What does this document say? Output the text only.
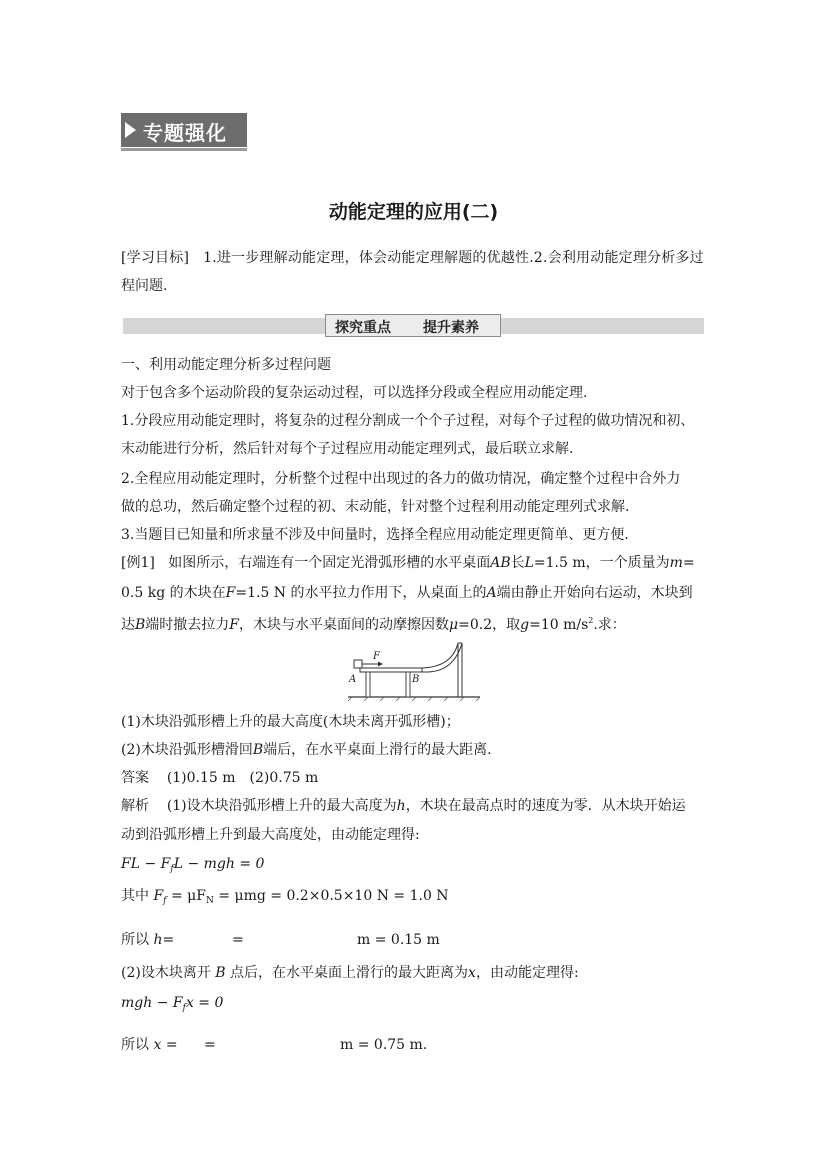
专题强化
动能定理的应用(二)
[学习目标] 1.进一步理解动能定理，体会动能定理解题的优越性.2.会利用动能定理分析多过
程问题.
探究重点 提升素养
一、利用动能定理分析多过程问题
对于包含多个运动阶段的复杂运动过程，可以选择分段或全程应用动能定理.
1.分段应用动能定理时，将复杂的过程分割成一个个子过程，对每个子过程的做功情况和初、
末动能进行分析，然后针对每个子过程应用动能定理列式，最后联立求解.
2.全程应用动能定理时，分析整个过程中出现过的各力的做功情况，确定整个过程中合外力
做的总功，然后确定整个过程的初、末动能，针对整个过程利用动能定理列式求解.
3.当题目已知量和所求量不涉及中间量时，选择全程应用动能定理更简单、更方便.
[例1] 如图所示，右端连有一个固定光滑弧形槽的水平桌面AB长L=1.5 m，一个质量为m=
0.5 kg 的木块在F=1.5 N 的水平拉力作用下，从桌面上的A端由静止开始向右运动，木块到
达B端时撤去拉力F，木块与水平桌面间的动摩擦因数μ=0.2，取g=10 $m/s^2$.求：
F
A	B
(1)木块沿弧形槽上升的最大高度(木块未离开弧形槽)；
(2)木块沿弧形槽滑回B端后，在水平桌面上滑行的最大距离.
答案 (1)0.15 m　(2)0.75 m
解析 (1)设木块沿弧形槽上升的最大高度为h，木块在最高点时的速度为零．从木块开始运
动到沿弧形槽上升到最大高度处，由动能定理得:
FL − $F_fL$ − mgh = 0
其中 $F_f = \mu F_N = \mu mg = 0.2\times 0.5\times 10$ N = 1.0 N
所以 h=	=	m = 0.15 m
(2)设木块离开 B 点后，在水平桌面上滑行的最大距离为x，由动能定理得:
mgh − $F_fx = 0$
所以 x = =	m = 0.75 m.
